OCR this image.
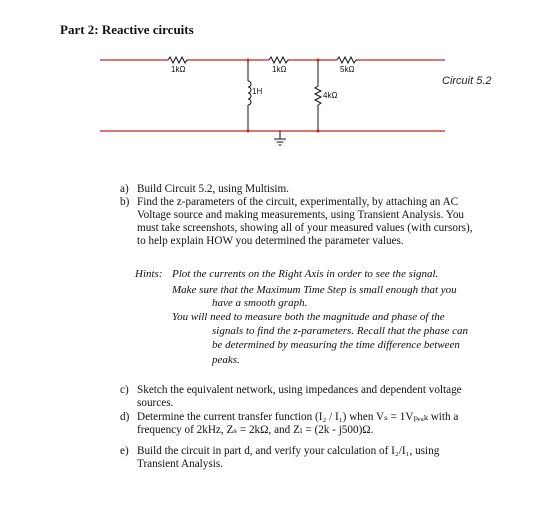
Part 2: Reactive circuits
1kΩ	1kΩ	5kΩ
1H	4kΩ
Circuit 5.2
a) Build Circuit 5.2, using Multisim.
b) Find the z-parameters of the circuit, experimentally, by attaching an AC
Voltage source and making measurements, using Transient Analysis. You
must take screenshots, showing all of your measured values (with cursors),
to help explain HOW you determined the parameter values.
Hints: Plot the currents on the Right Axis in order to see the signal.
Make sure that the Maximum Time Step is small enough that you
have a smooth graph.
You will need to measure both the magnitude and phase of the
signals to find the z-parameters. Recall that the phase can
be determined by measuring the time difference between
peaks.
c) Sketch the equivalent network, using impedances and dependent voltage
sources.
d) Determine the current transfer function (I₂ / I₁) when Vₛ = 1Vₚₑₐₖ with a
frequency of 2kHz, Zₛ = 2kΩ, and Zₗ = (2k - j500)Ω.
e) Build the circuit in part d, and verify your calculation of I₂/I₁, using
Transient Analysis.
